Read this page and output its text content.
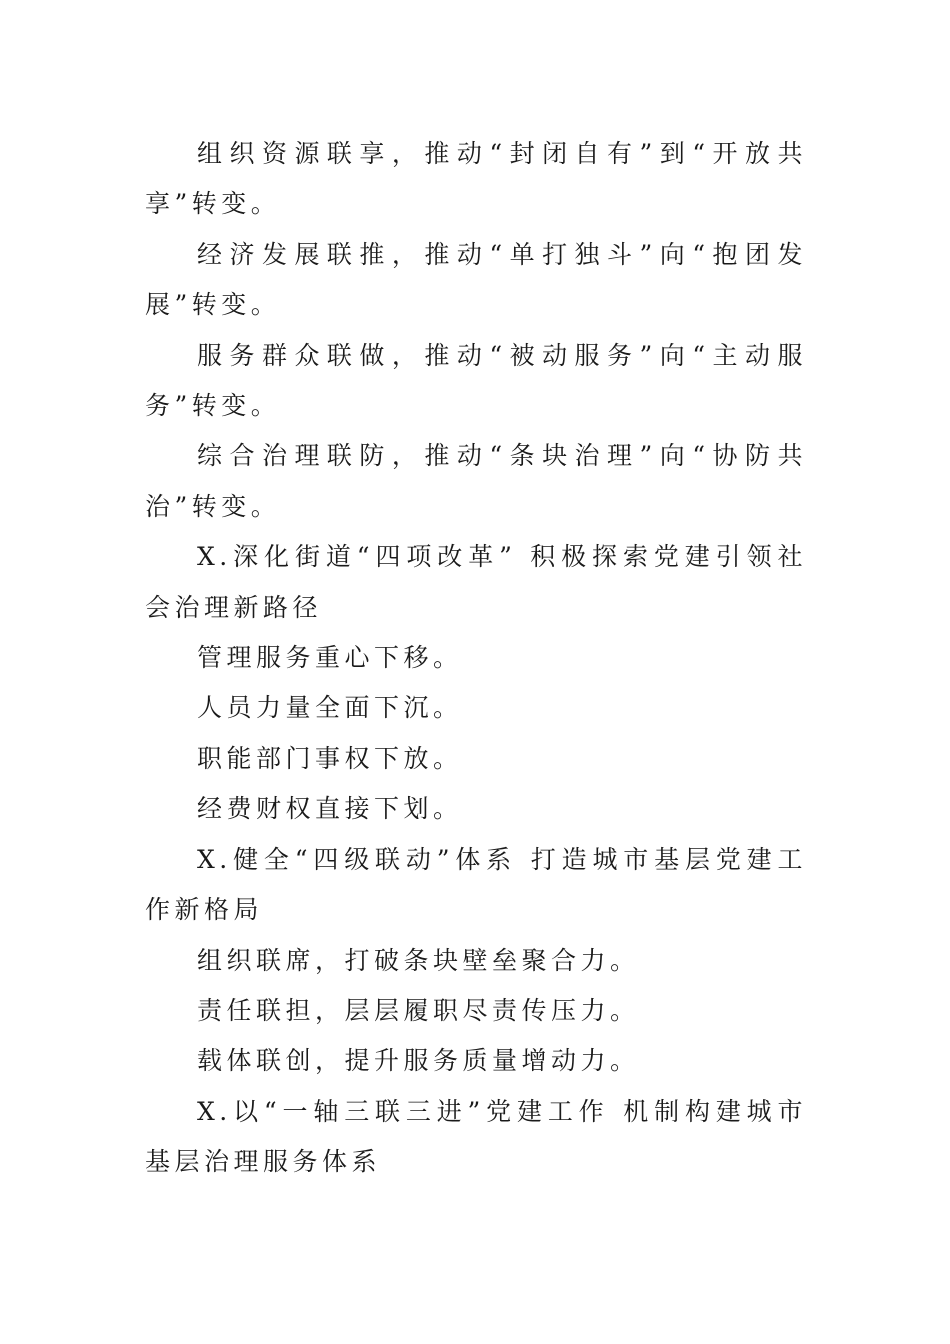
组织资源联享，推动“封闭自有”到“开放共享”转变。

经济发展联推，推动“单打独斗”向“抱团发展”转变。

服务群众联做，推动“被动服务”向“主动服务”转变。

综合治理联防，推动“条块治理”向“协防共治”转变。

X.深化街道“四项改革” 积极探索党建引领社会治理新路径

管理服务重心下移。

人员力量全面下沉。

职能部门事权下放。

经费财权直接下划。

X.健全“四级联动”体系 打造城市基层党建工作新格局

组织联席，打破条块壁垒聚合力。

责任联担，层层履职尽责传压力。

载体联创，提升服务质量增动力。

X.以“一轴三联三进”党建工作 机制构建城市基层治理服务体系
